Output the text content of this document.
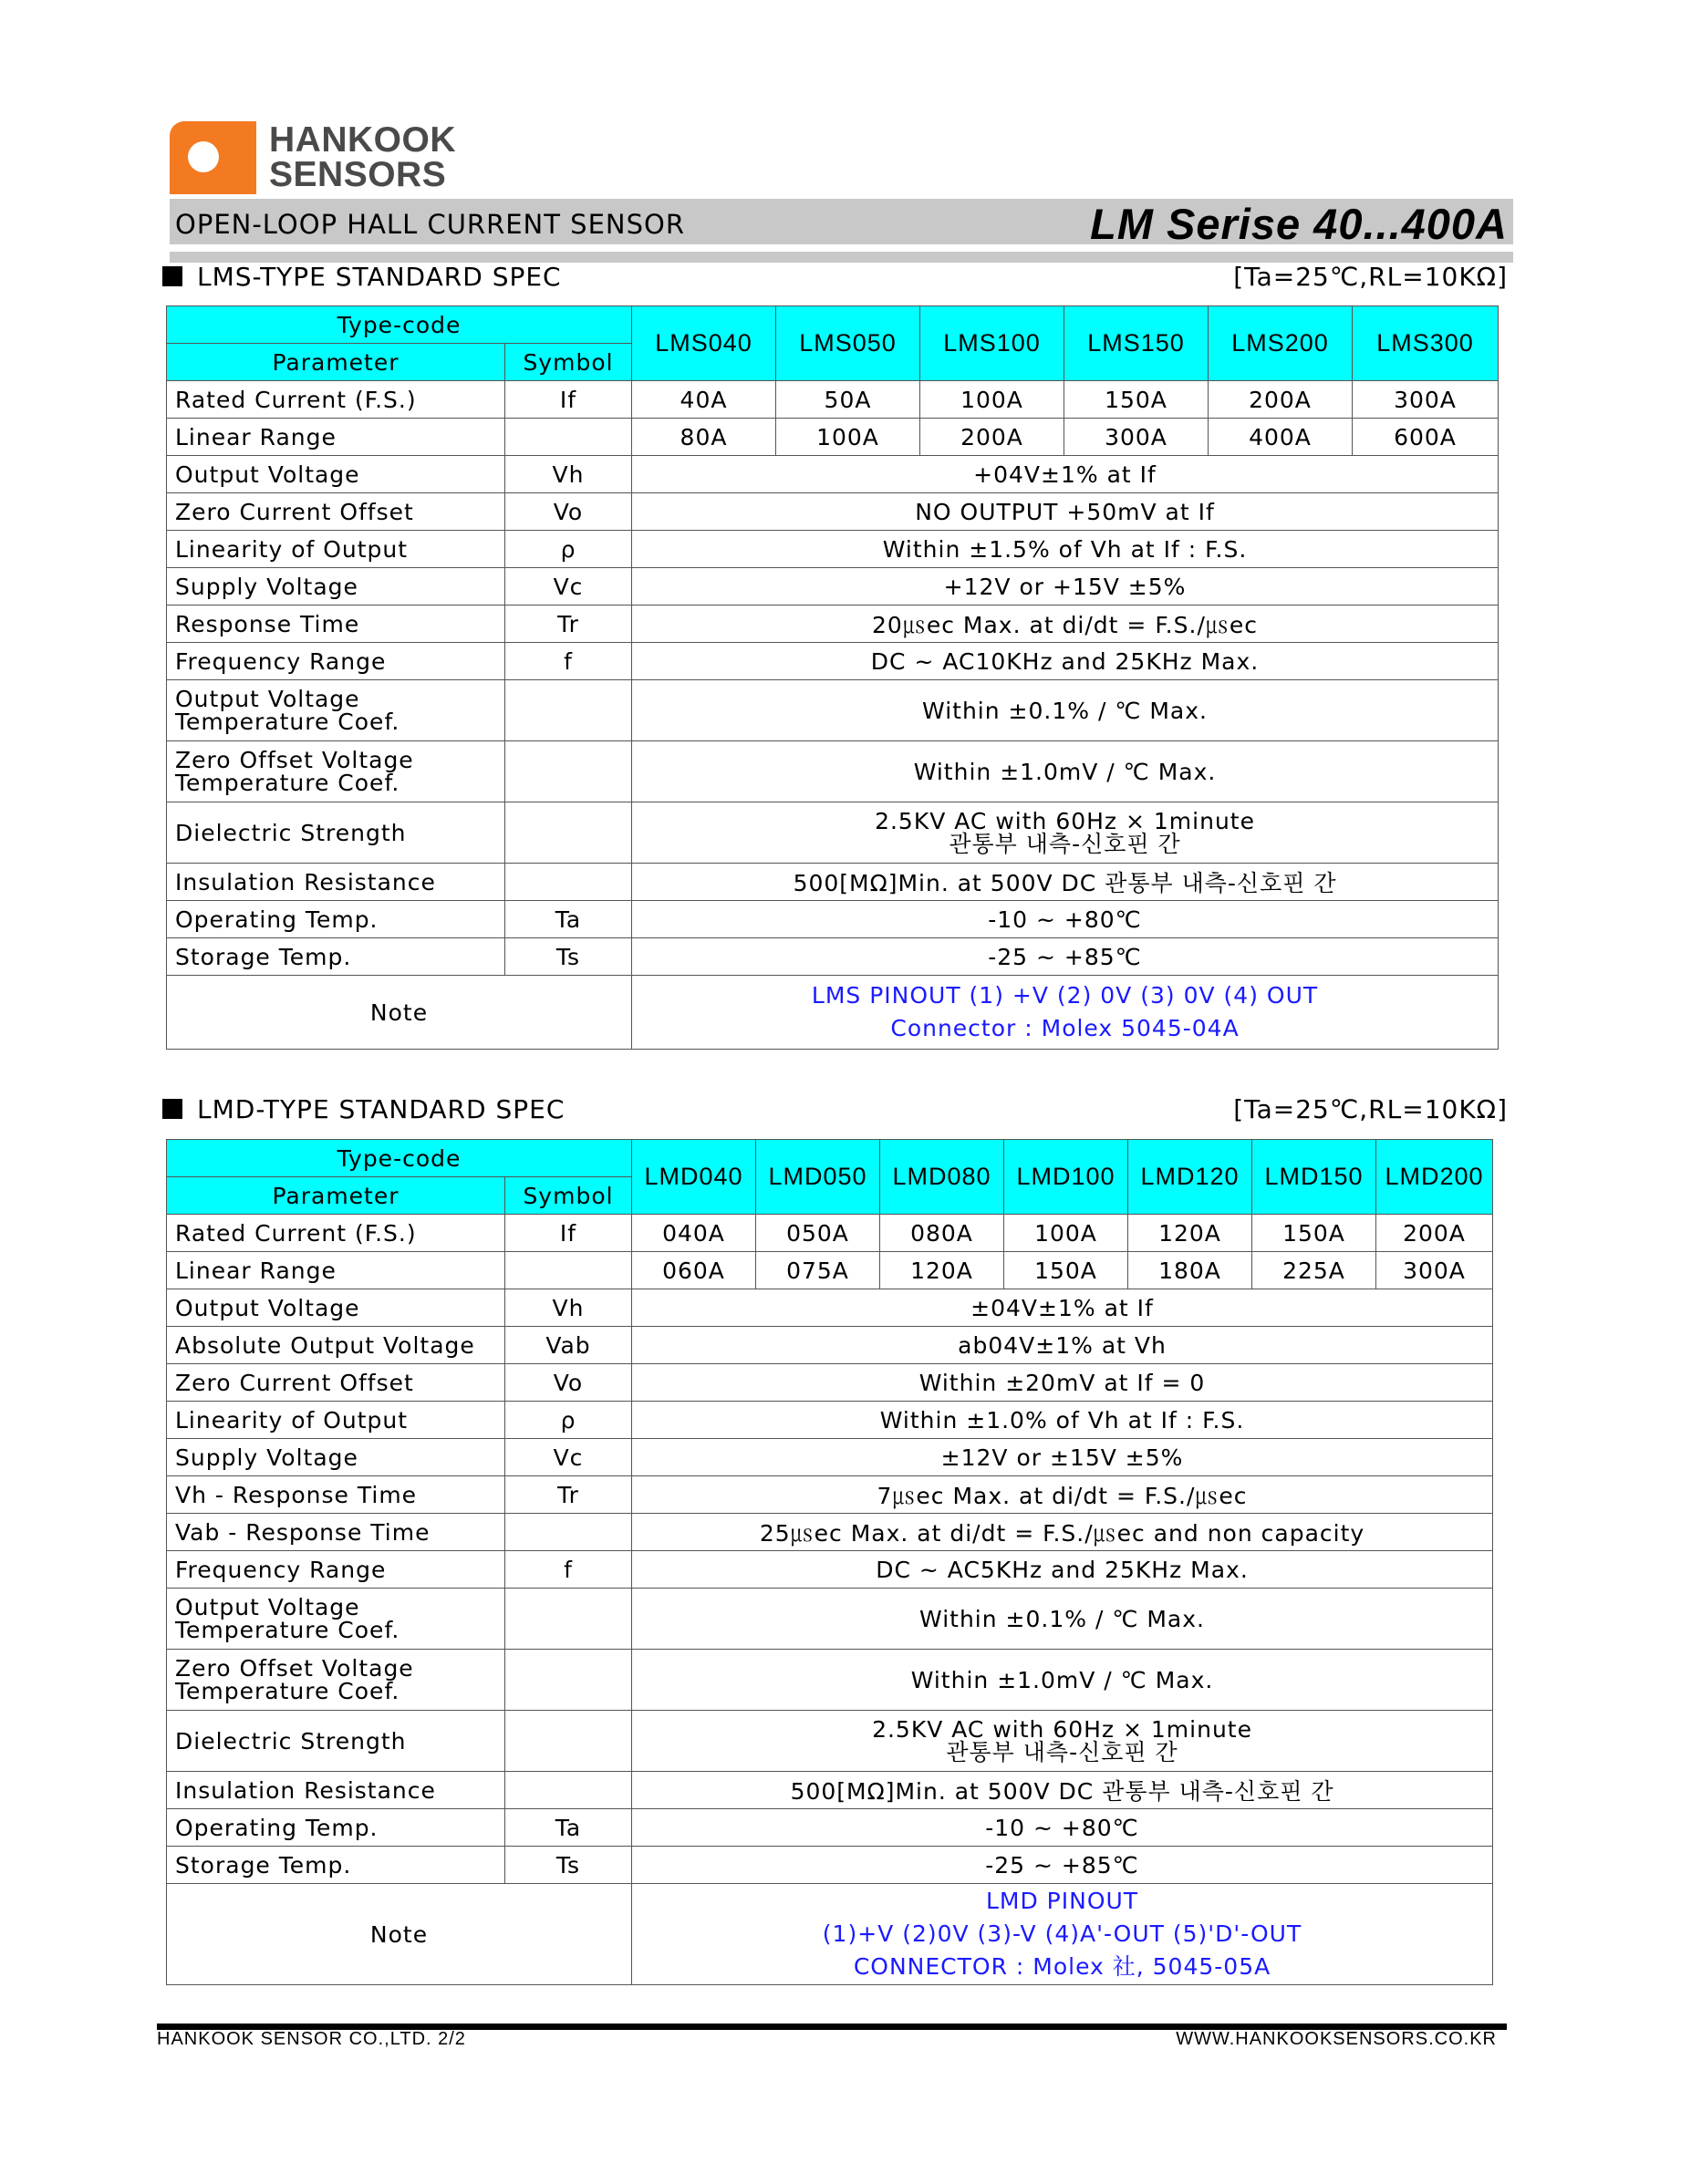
HANKOOK
SENSORS
OPEN-LOOP HALL CURRENT SENSOR	LM Serise 40...400A
LMS-TYPE STANDARD SPEC	[Ta=25℃,RL=10KΩ]
Type-code		LMS040	LMS050	LMS100	LMS150	LMS200	LMS300
Parameter	Symbol						
Rated Current (F.S.)	If	40A	50A	100A	150A	200A	300A
Linear Range		80A	100A	200A	300A	400A	600A
Output Voltage	Vh	+04V±1% at If					
Zero Current Offset	Vo	NO OUTPUT +50mV at If					
Linearity of Output	ρ	Within ±1.5% of Vh at If : F.S.					
Supply Voltage	Vc	+12V or +15V ±5%					
Response Time	Tr	20㎲ec Max. at di/dt = F.S./㎲ec					
Frequency Range	f	DC ~ AC10KHz and 25KHz Max.					

Output Voltage
Temperature Coef.		Within ±0.1% / ℃ Max.					

Zero Offset Voltage
Temperature Coef.		Within ±1.0mV / ℃ Max.					
Dielectric Strength		2.5KV AC with 60Hz × 1minute
관통부 내측-신호핀 간					

Insulation Resistance		500[MΩ]Min. at 500V DC 관통부 내측-신호핀 간					
Operating Temp.	Ta	-10 ~ +80℃					
Storage Temp.	Ts	-25 ~ +85℃					
Note		LMS PINOUT (1) +V (2) 0V (3) 0V (4) OUT
Connector : Molex 5045-04A					
LMD-TYPE STANDARD SPEC	[Ta=25℃,RL=10KΩ]
Type-code		LMD040	LMD050	LMD080	LMD100	LMD120	LMD150	LMD200
Parameter	Symbol							
Rated Current (F.S.)	If	040A	050A	080A	100A	120A	150A	200A
Linear Range		060A	075A	120A	150A	180A	225A	300A
Output Voltage	Vh	±04V±1% at If						
Absolute Output Voltage	Vab	ab04V±1% at Vh						
Zero Current Offset	Vo	Within ±20mV at If = 0						
Linearity of Output	ρ	Within ±1.0% of Vh at If : F.S.						
Supply Voltage	Vc	±12V or ±15V ±5%						
Vh - Response Time	Tr	7㎲ec Max. at di/dt = F.S./㎲ec						
Vab - Response Time		25㎲ec Max. at di/dt = F.S./㎲ec and non capacity						
Frequency Range	f	DC ~ AC5KHz and 25KHz Max.						

Output Voltage
Temperature Coef.		Within ±0.1% / ℃ Max.						

Zero Offset Voltage
Temperature Coef.		Within ±1.0mV / ℃ Max.						
Dielectric Strength		2.5KV AC with 60Hz × 1minute
관통부 내측-신호핀 간						

Insulation Resistance		500[MΩ]Min. at 500V DC 관통부 내측-신호핀 간						
Operating Temp.	Ta	-10 ~ +80℃						
Storage Temp.	Ts	-25 ~ +85℃						
Note		LMD PINOUT
(1)+V (2)0V (3)-V (4)A'-OUT (5)'D'-OUT
CONNECTOR : Molex 社, 5045-05A						
HANKOOK SENSOR CO.,LTD. 2/2	WWW.HANKOOKSENSORS.CO.KR
